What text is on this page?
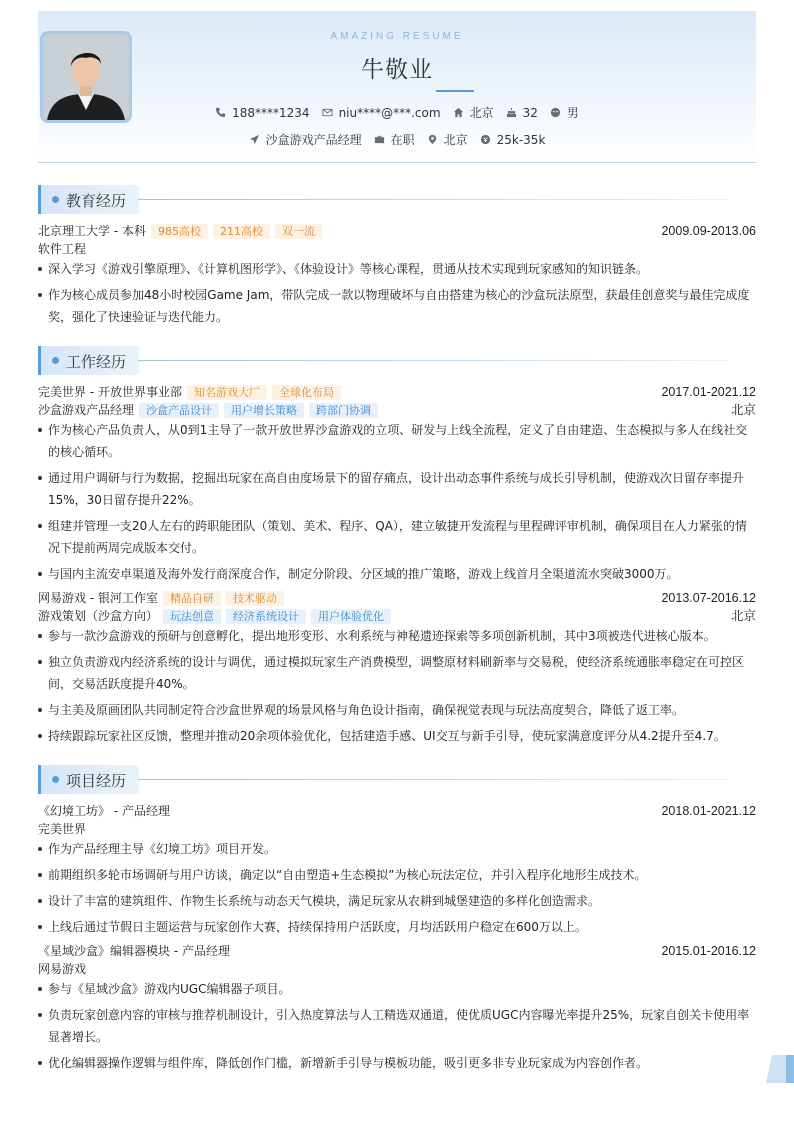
AMAZING RESUME
牛敬业
188****1234 niu****@***.com 北京 32 男
沙盒游戏产品经理 在职 北京 25k-35k
教育经历
北京理工大学 - 本科	985高校	211高校	双一流	2009.09-2013.06
软件工程
深入学习《游戏引擎原理》、《计算机图形学》、《体验设计》等核心课程，贯通从技术实现到玩家感知的知识链条。
作为核心成员参加48小时校园Game Jam，带队完成一款以物理破坏与自由搭建为核心的沙盒玩法原型，获最佳创意奖与最佳完成度奖，强化了快速验证与迭代能力。
工作经历
完美世界 - 开放世界事业部	知名游戏大厂	全球化布局	2017.01-2021.12
沙盒游戏产品经理	沙盒产品设计	用户增长策略	跨部门协调	北京
作为核心产品负责人，从0到1主导了一款开放世界沙盒游戏的立项、研发与上线全流程，定义了自由建造、生态模拟与多人在线社交的核心循环。
通过用户调研与行为数据，挖掘出玩家在高自由度场景下的留存痛点，设计出动态事件系统与成长引导机制，使游戏次日留存率提升15%，30日留存提升22%。
组建并管理一支20人左右的跨职能团队（策划、美术、程序、QA），建立敏捷开发流程与里程碑评审机制，确保项目在人力紧张的情况下提前两周完成版本交付。
与国内主流安卓渠道及海外发行商深度合作，制定分阶段、分区域的推广策略，游戏上线首月全渠道流水突破3000万。
网易游戏 - 银河工作室	精品自研	技术驱动	2013.07-2016.12
游戏策划（沙盒方向）	玩法创意	经济系统设计	用户体验优化	北京
参与一款沙盒游戏的预研与创意孵化，提出地形变形、水利系统与神秘遗迹探索等多项创新机制，其中3项被迭代进核心版本。
独立负责游戏内经济系统的设计与调优，通过模拟玩家生产消费模型，调整原材料刷新率与交易税，使经济系统通胀率稳定在可控区间，交易活跃度提升40%。
与主美及原画团队共同制定符合沙盒世界观的场景风格与角色设计指南，确保视觉表现与玩法高度契合，降低了返工率。
持续跟踪玩家社区反馈，整理并推动20余项体验优化，包括建造手感、UI交互与新手引导，使玩家满意度评分从4.2提升至4.7。
项目经历
《幻境工坊》 - 产品经理	2018.01-2021.12
完美世界
作为产品经理主导《幻境工坊》项目开发。
前期组织多轮市场调研与用户访谈，确定以“自由塑造+生态模拟”为核心玩法定位，并引入程序化地形生成技术。
设计了丰富的建筑组件、作物生长系统与动态天气模块，满足玩家从农耕到城堡建造的多样化创造需求。
上线后通过节假日主题运营与玩家创作大赛，持续保持用户活跃度，月均活跃用户稳定在600万以上。
《星域沙盒》编辑器模块 - 产品经理	2015.01-2016.12
网易游戏
参与《星域沙盒》游戏内UGC编辑器子项目。
负责玩家创意内容的审核与推荐机制设计，引入热度算法与人工精选双通道，使优质UGC内容曝光率提升25%，玩家自创关卡使用率显著增长。
优化编辑器操作逻辑与组件库，降低创作门槛，新增新手引导与模板功能，吸引更多非专业玩家成为内容创作者。
